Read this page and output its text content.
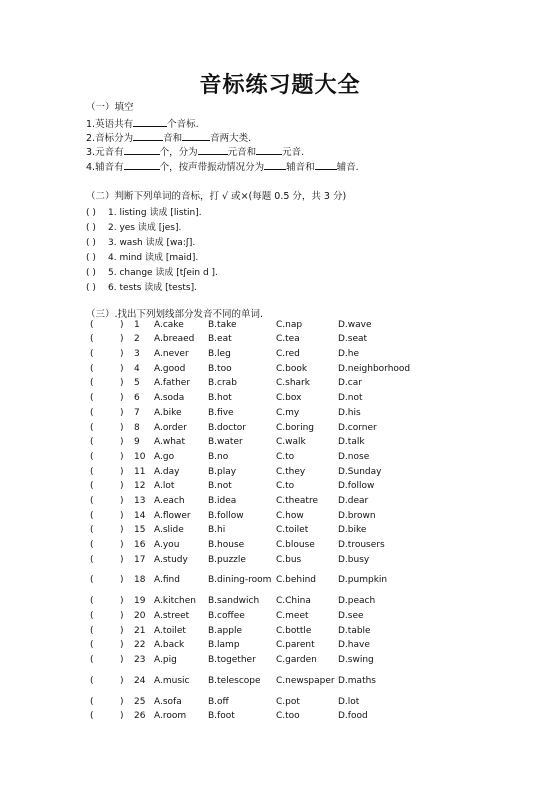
音标练习题大全
（一）填空
1.英语共有	个音标.
2.音标分为	音和	音两大类.
3.元音有	个，分为	元音和	元音.
4.辅音有	个，按声带振动情况分为 辅音和 辅音.
（二）判断下列单词的音标，打 √ 或×(每题 0.5 分，共 3 分)
( ) 1. listing 读成 [listin].
( ) 2. yes 读成 [jes].
( ) 3. wash 读成 [wa:ʃ].
( ) 4. mind 读成 [maid].
( ) 5. change 读成 [tʃein d ].
( ) 6. tests 读成 [tests].
（三）.找出下列划线部分发音不同的单词.
(	) 1 A.cake	B.take	C.nap	D.wave
(	) 2 A.breaed B.eat	C.tea	D.seat
(	) 3 A.never B.leg	C.red	D.he
(	) 4 A.good	B.too	C.book	D.neighborhood
(	) 5 A.father B.crab	C.shark	D.car
(	) 6 A.soda	B.hot	C.box	D.not
(	) 7 A.bike	B.five	C.my	D.his
(	) 8 A.order B.doctor	C.boring	D.corner
(	) 9 A.what	B.water	C.walk	D.talk
(	) 10 A.go	B.no	C.to	D.nose
(	) 11 A.day	B.play	C.they	D.Sunday
(	) 12 A.lot	B.not	C.to	D.follow
(	) 13 A.each	B.idea	C.theatre D.dear
(	) 14 A.flower B.follow	C.how	D.brown
(	) 15 A.slide	B.hi	C.toilet	D.bike
(	) 16 A.you	B.house	C.blouse	D.trousers
(	) 17 A.study B.puzzle	C.bus	D.busy
(	) 18 A.find	B.dining-room C.behind D.pumpkin
(	) 19 A.kitchen B.sandwich C.China	D.peach
(	) 20 A.street B.coffee	C.meet	D.see
(	) 21 A.toilet B.apple	C.bottle	D.table
(	) 22 A.back	B.lamp	C.parent	D.have
(	) 23 A.pig	B.together C.garden D.swing
(	) 24 A.music B.telescope C.newspaper D.maths
(	) 25 A.sofa	B.off	C.pot	D.lot
(	) 26 A.room B.foot	C.too	D.food
